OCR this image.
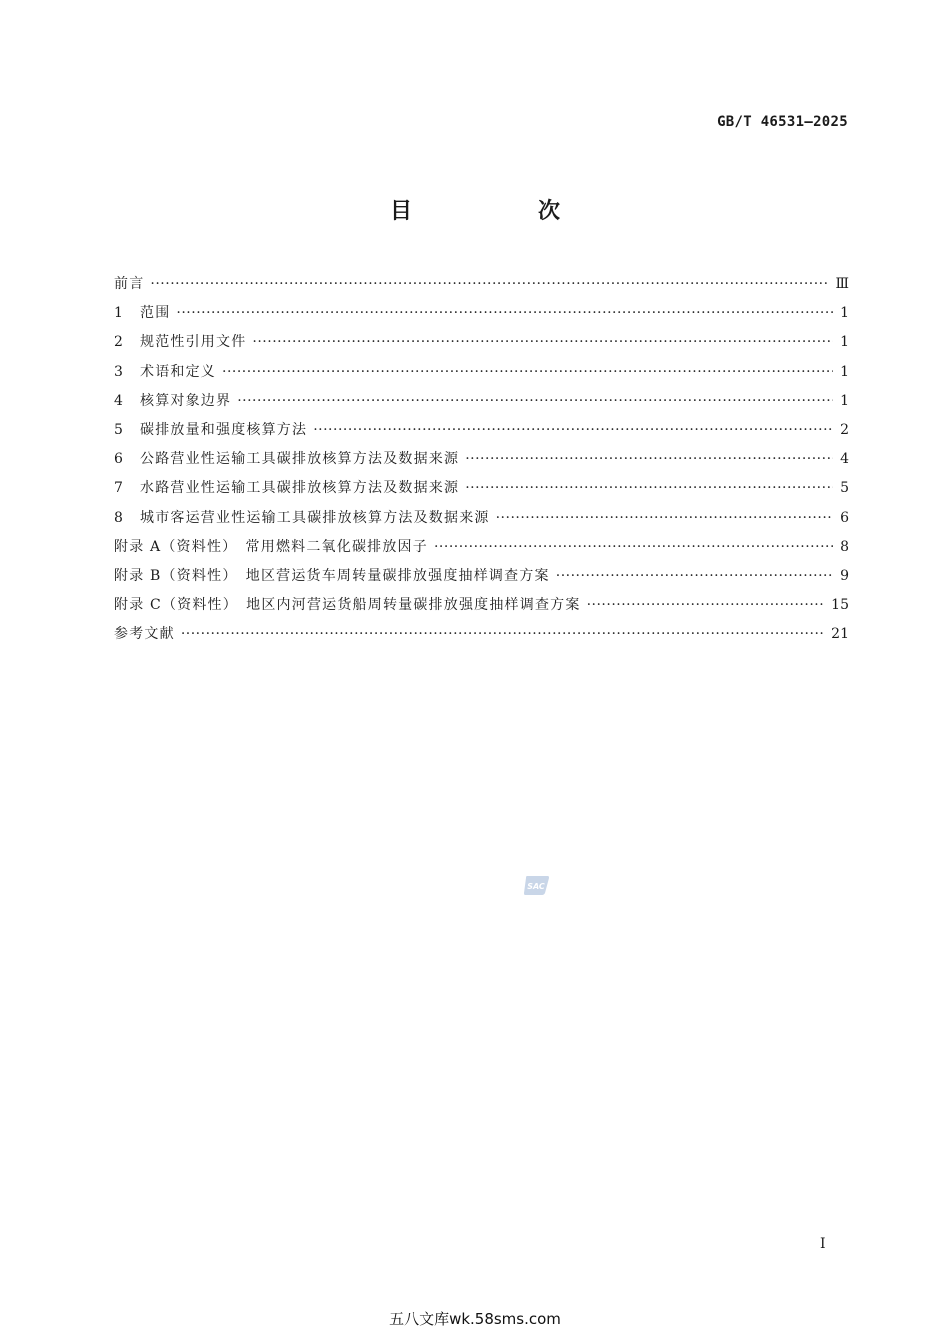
GB/T 46531—2025
目　次
前言 ·····	Ⅲ
1	范围 ·····	1
2	规范性引用文件 ·····	1
3	术语和定义 ·····	1
4	核算对象边界 ·····	1
5	碳排放量和强度核算方法 ·····	2
6	公路营业性运输工具碳排放核算方法及数据来源 ·····	4
7	水路营业性运输工具碳排放核算方法及数据来源 ·····	5
8	城市客运营业性运输工具碳排放核算方法及数据来源 ·····	6
附录 A（资料性）　常用燃料二氧化碳排放因子 ·····	8
附录 B（资料性）　地区营运货车周转量碳排放强度抽样调查方案 ·····	9
附录 C（资料性）　地区内河营运货船周转量碳排放强度抽样调查方案 ·····	15
参考文献 ·····	21
SAC
I
五八文库wk.58sms.com
